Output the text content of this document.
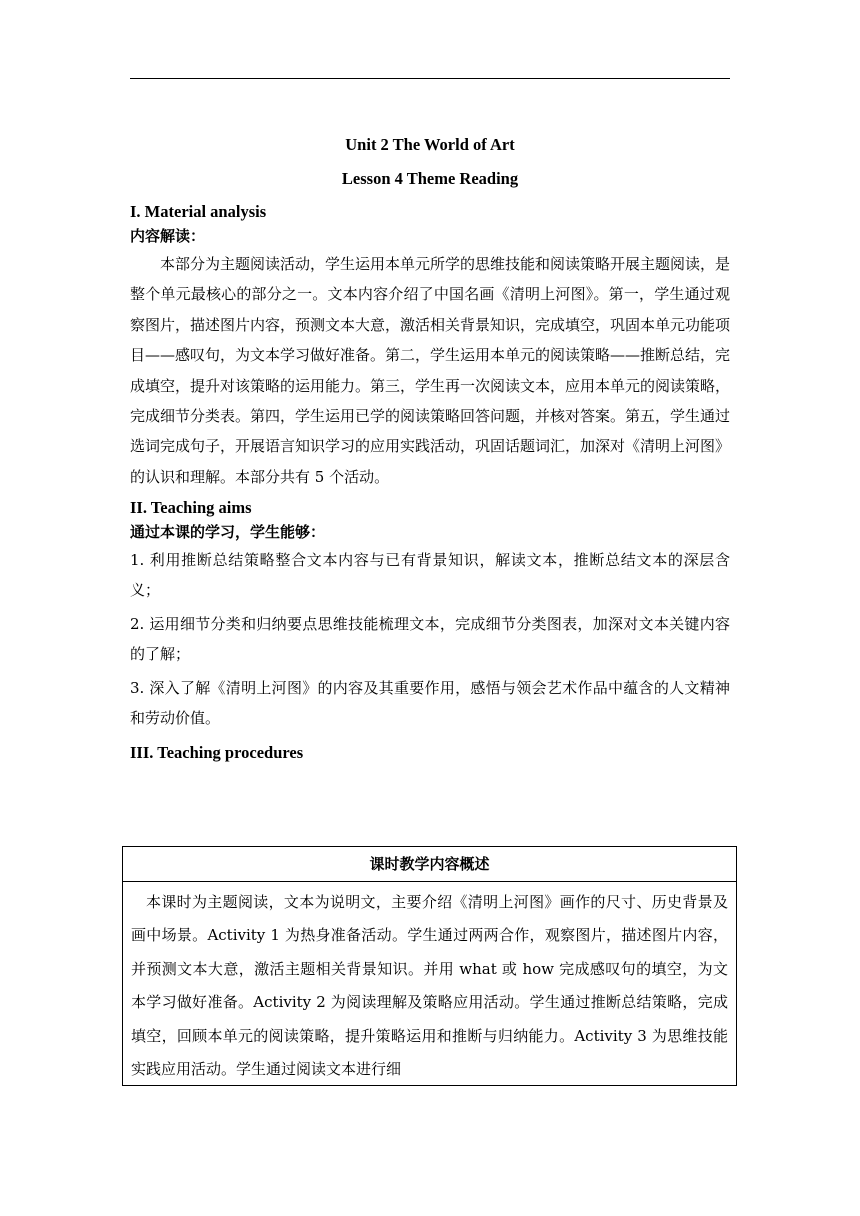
Unit 2 The World of Art

Lesson 4 Theme Reading

I. Material analysis

内容解读：

本部分为主题阅读活动，学生运用本单元所学的思维技能和阅读策略开展主题阅读，是整个单元最核心的部分之一。文本内容介绍了中国名画《清明上河图》。第一，学生通过观察图片，描述图片内容，预测文本大意，激活相关背景知识，完成填空，巩固本单元功能项目——感叹句，为文本学习做好准备。第二，学生运用本单元的阅读策略——推断总结，完成填空，提升对该策略的运用能力。第三，学生再一次阅读文本，应用本单元的阅读策略，完成细节分类表。第四，学生运用已学的阅读策略回答问题，并核对答案。第五，学生通过选词完成句子，开展语言知识学习的应用实践活动，巩固话题词汇，加深对《清明上河图》的认识和理解。本部分共有 5 个活动。

II. Teaching aims

通过本课的学习，学生能够：

1. 利用推断总结策略整合文本内容与已有背景知识，解读文本，推断总结文本的深层含义；

2. 运用细节分类和归纳要点思维技能梳理文本，完成细节分类图表，加深对文本关键内容的了解；

3. 深入了解《清明上河图》的内容及其重要作用，感悟与领会艺术作品中蕴含的人文精神和劳动价值。

III. Teaching procedures

课时教学内容概述
本课时为主题阅读，文本为说明文，主要介绍《清明上河图》画作的尺寸、历史背景及画中场景。Activity 1 为热身准备活动。学生通过两两合作，观察图片，描述图片内容，并预测文本大意，激活主题相关背景知识。并用 what 或 how 完成感叹句的填空，为文本学习做好准备。Activity 2 为阅读理解及策略应用活动。学生通过推断总结策略，完成填空，回顾本单元的阅读策略，提升策略运用和推断与归纳能力。Activity 3 为思维技能实践应用活动。学生通过阅读文本进行细
